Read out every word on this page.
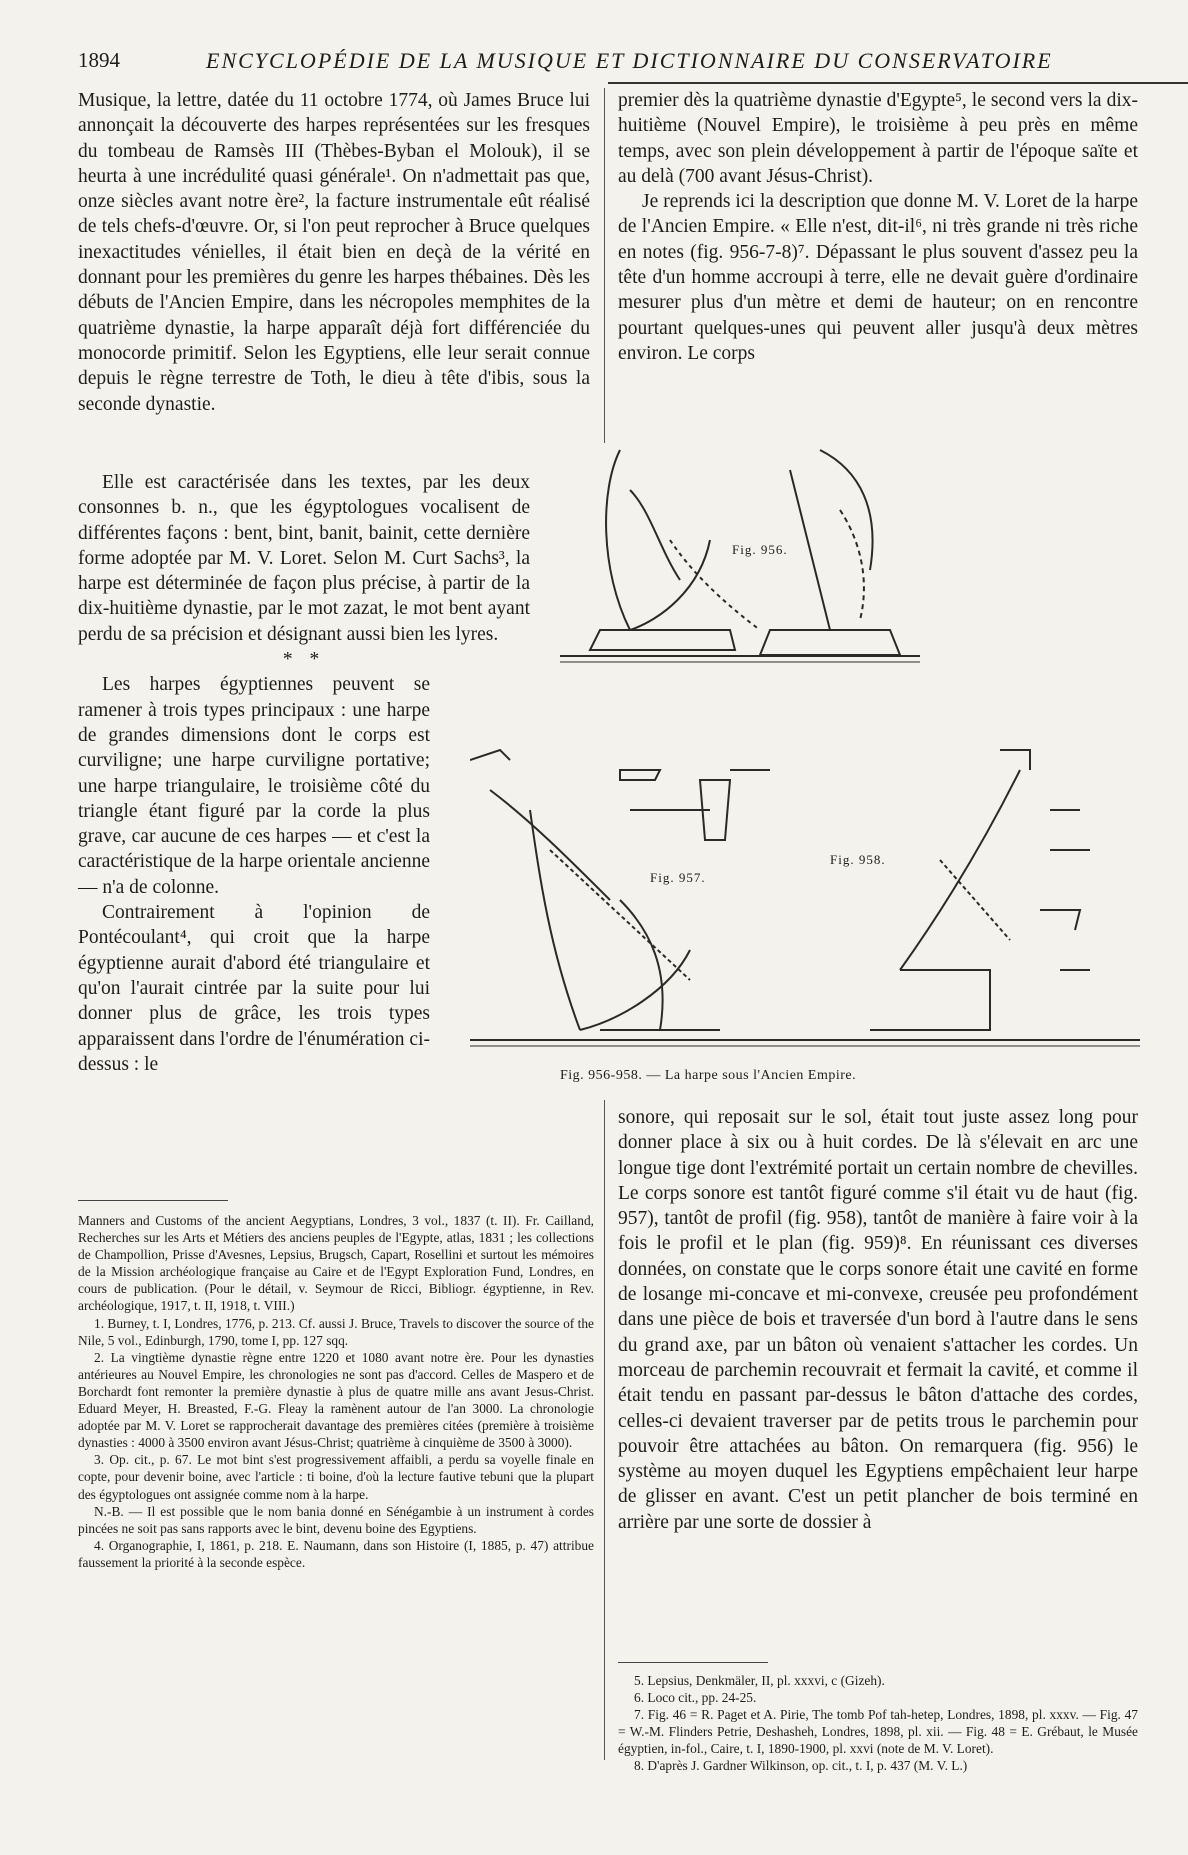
1894	ENCYCLOPÉDIE DE LA MUSIQUE ET DICTIONNAIRE DU CONSERVATOIRE

Musique, la lettre, datée du 11 octobre 1774, où James Bruce lui annonçait la découverte des harpes représentées sur les fresques du tombeau de Ramsès III (Thèbes-Byban el Molouk), il se heurta à une incrédulité quasi générale¹. On n'admettait pas que, onze siècles avant notre ère², la facture instrumentale eût réalisé de tels chefs-d'œuvre. Or, si l'on peut reprocher à Bruce quelques inexactitudes vénielles, il était bien en deçà de la vérité en donnant pour les premières du genre les harpes thébaines. Dès les débuts de l'Ancien Empire, dans les nécropoles memphites de la quatrième dynastie, la harpe apparaît déjà fort différenciée du monocorde primitif. Selon les Egyptiens, elle leur serait connue depuis le règne terrestre de Toth, le dieu à tête d'ibis, sous la seconde dynastie.

Elle est caractérisée dans les textes, par les deux consonnes b. n., que les égyptologues vocalisent de différentes façons : bent, bint, banit, bainit, cette dernière forme adoptée par M. V. Loret. Selon M. Curt Sachs³, la harpe est déterminée de façon plus précise, à partir de la dix-huitième dynastie, par le mot zazat, le mot bent ayant perdu de sa précision et désignant aussi bien les lyres.

* *

Les harpes égyptiennes peuvent se ramener à trois types principaux : une harpe de grandes dimensions dont le corps est curviligne; une harpe curviligne portative; une harpe triangulaire, le troisième côté du triangle étant figuré par la corde la plus grave, car aucune de ces harpes — et c'est la caractéristique de la harpe orientale ancienne — n'a de colonne.

Contrairement à l'opinion de Pontécoulant⁴, qui croit que la harpe égyptienne aurait d'abord été triangulaire et qu'on l'aurait cintrée par la suite pour lui donner plus de grâce, les trois types apparaissent dans l'ordre de l'énumération ci-dessus : le

premier dès la quatrième dynastie d'Egypte⁵, le second vers la dix-huitième (Nouvel Empire), le troisième à peu près en même temps, avec son plein développement à partir de l'époque saïte et au delà (700 avant Jésus-Christ).

Je reprends ici la description que donne M. V. Loret de la harpe de l'Ancien Empire. « Elle n'est, dit-il⁶, ni très grande ni très riche en notes (fig. 956-7-8)⁷. Dépassant le plus souvent d'assez peu la tête d'un homme accroupi à terre, elle ne devait guère d'ordinaire mesurer plus d'un mètre et demi de hauteur; on en rencontre pourtant quelques-unes qui peuvent aller jusqu'à deux mètres environ. Le corps

Fig. 956.
Fig. 957.
Fig. 958.
Fig. 956-958. — La harpe sous l'Ancien Empire.

sonore, qui reposait sur le sol, était tout juste assez long pour donner place à six ou à huit cordes. De là s'élevait en arc une longue tige dont l'extrémité portait un certain nombre de chevilles. Le corps sonore est tantôt figuré comme s'il était vu de haut (fig. 957), tantôt de profil (fig. 958), tantôt de manière à faire voir à la fois le profil et le plan (fig. 959)⁸. En réunissant ces diverses données, on constate que le corps sonore était une cavité en forme de losange mi-concave et mi-convexe, creusée peu profondément dans une pièce de bois et traversée d'un bord à l'autre dans le sens du grand axe, par un bâton où venaient s'attacher les cordes. Un morceau de parchemin recouvrait et fermait la cavité, et comme il était tendu en passant par-dessus le bâton d'attache des cordes, celles-ci devaient traverser par de petits trous le parchemin pour pouvoir être attachées au bâton. On remarquera (fig. 956) le système au moyen duquel les Egyptiens empêchaient leur harpe de glisser en avant. C'est un petit plancher de bois terminé en arrière par une sorte de dossier à

Manners and Customs of the ancient Aegyptians, Londres, 3 vol., 1837 (t. II). Fr. Cailland, Recherches sur les Arts et Métiers des anciens peuples de l'Egypte, atlas, 1831 ; les collections de Champollion, Prisse d'Avesnes, Lepsius, Brugsch, Capart, Rosellini et surtout les mémoires de la Mission archéologique française au Caire et de l'Egypt Exploration Fund, Londres, en cours de publication. (Pour le détail, v. Seymour de Ricci, Bibliogr. égyptienne, in Rev. archéologique, 1917, t. II, 1918, t. VIII.)

1. Burney, t. I, Londres, 1776, p. 213. Cf. aussi J. Bruce, Travels to discover the source of the Nile, 5 vol., Edinburgh, 1790, tome I, pp. 127 sqq.

2. La vingtième dynastie règne entre 1220 et 1080 avant notre ère. Pour les dynasties antérieures au Nouvel Empire, les chronologies ne sont pas d'accord. Celles de Maspero et de Borchardt font remonter la première dynastie à plus de quatre mille ans avant Jesus-Christ. Eduard Meyer, H. Breasted, F.-G. Fleay la ramènent autour de l'an 3000. La chronologie adoptée par M. V. Loret se rapprocherait davantage des premières citées (première à troisième dynasties : 4000 à 3500 environ avant Jésus-Christ; quatrième à cinquième de 3500 à 3000).

3. Op. cit., p. 67. Le mot bint s'est progressivement affaibli, a perdu sa voyelle finale en copte, pour devenir boine, avec l'article : ti boine, d'où la lecture fautive tebuni que la plupart des égyptologues ont assignée comme nom à la harpe.

N.-B. — Il est possible que le nom bania donné en Sénégambie à un instrument à cordes pincées ne soit pas sans rapports avec le bint, devenu boine des Egyptiens.

4. Organographie, I, 1861, p. 218. E. Naumann, dans son Histoire (I, 1885, p. 47) attribue faussement la priorité à la seconde espèce.

5. Lepsius, Denkmäler, II, pl. xxxvi, c (Gizeh).

6. Loco cit., pp. 24-25.

7. Fig. 46 = R. Paget et A. Pirie, The tomb Pof tah-hetep, Londres, 1898, pl. xxxv. — Fig. 47 = W.-M. Flinders Petrie, Deshasheh, Londres, 1898, pl. xii. — Fig. 48 = E. Grébaut, le Musée égyptien, in-fol., Caire, t. I, 1890-1900, pl. xxvi (note de M. V. Loret).

8. D'après J. Gardner Wilkinson, op. cit., t. I, p. 437 (M. V. L.)
